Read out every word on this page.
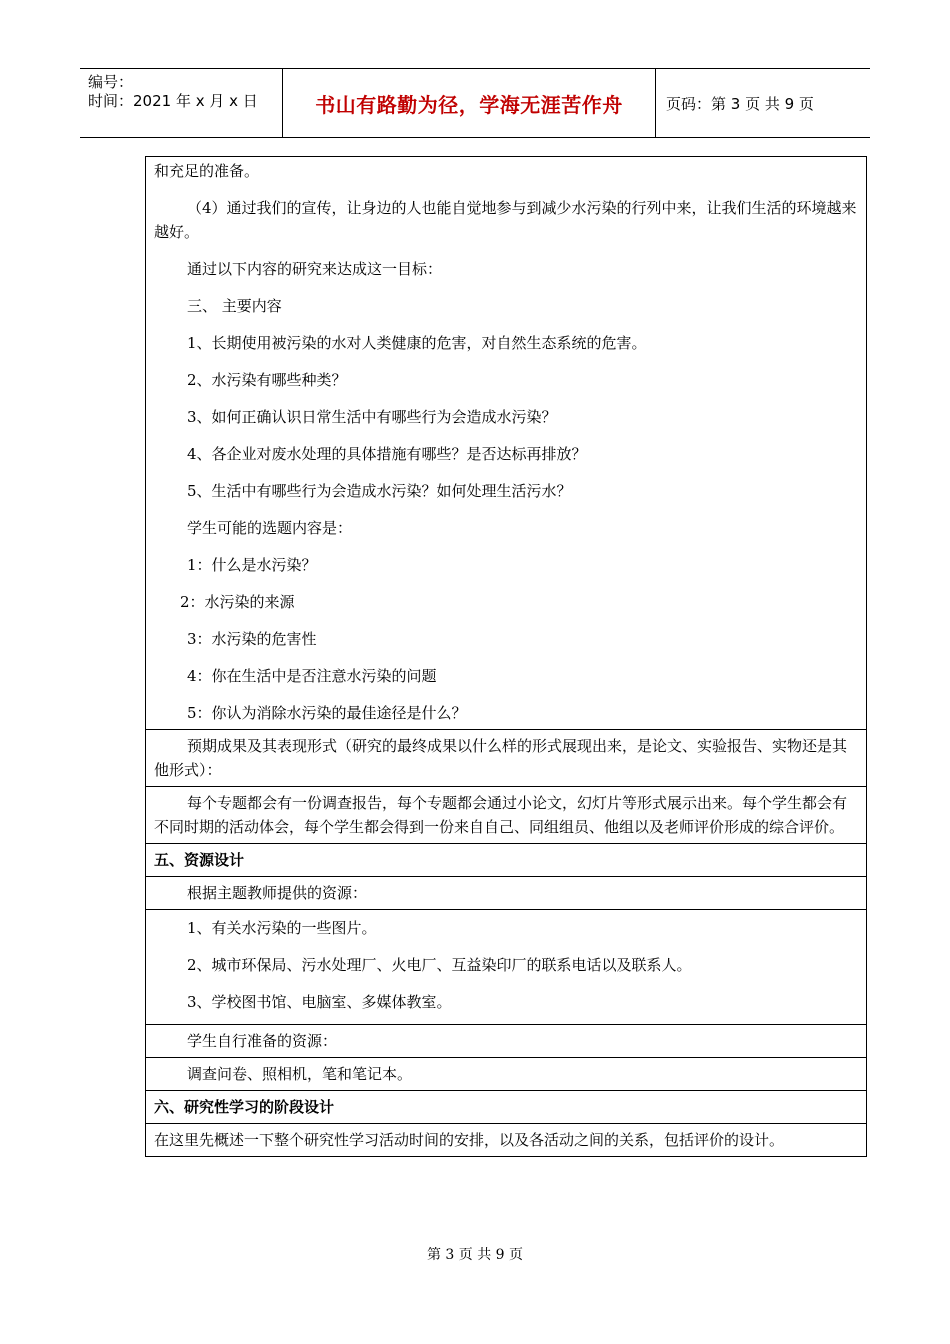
编号：
时间：2021 年 x 月 x 日	书山有路勤为径，学海无涯苦作舟	页码：第 3 页 共 9 页

和充足的准备。

（4）通过我们的宣传，让身边的人也能自觉地参与到减少水污染的行列中来，让我们生活的环境越来越好。

通过以下内容的研究来达成这一目标：

三、 主要内容

1、长期使用被污染的水对人类健康的危害，对自然生态系统的危害。

2、水污染有哪些种类？

3、如何正确认识日常生活中有哪些行为会造成水污染？

4、各企业对废水处理的具体措施有哪些？是否达标再排放？

5、生活中有哪些行为会造成水污染？如何处理生活污水？

学生可能的选题内容是：

1：什么是水污染？

2：水污染的来源

3：水污染的危害性

4：你在生活中是否注意水污染的问题

5：你认为消除水污染的最佳途径是什么？

预期成果及其表现形式（研究的最终成果以什么样的形式展现出来，是论文、实验报告、实物还是其他形式）：

每个专题都会有一份调查报告，每个专题都会通过小论文，幻灯片等形式展示出来。每个学生都会有不同时期的活动体会，每个学生都会得到一份来自自己、同组组员、他组以及老师评价形成的综合评价。

五、资源设计

根据主题教师提供的资源：

1、有关水污染的一些图片。

2、城市环保局、污水处理厂、火电厂、互益染印厂的联系电话以及联系人。

3、学校图书馆、电脑室、多媒体教室。

学生自行准备的资源：

调查问卷、照相机，笔和笔记本。

六、研究性学习的阶段设计

在这里先概述一下整个研究性学习活动时间的安排，以及各活动之间的关系，包括评价的设计。

第 3 页 共 9 页
